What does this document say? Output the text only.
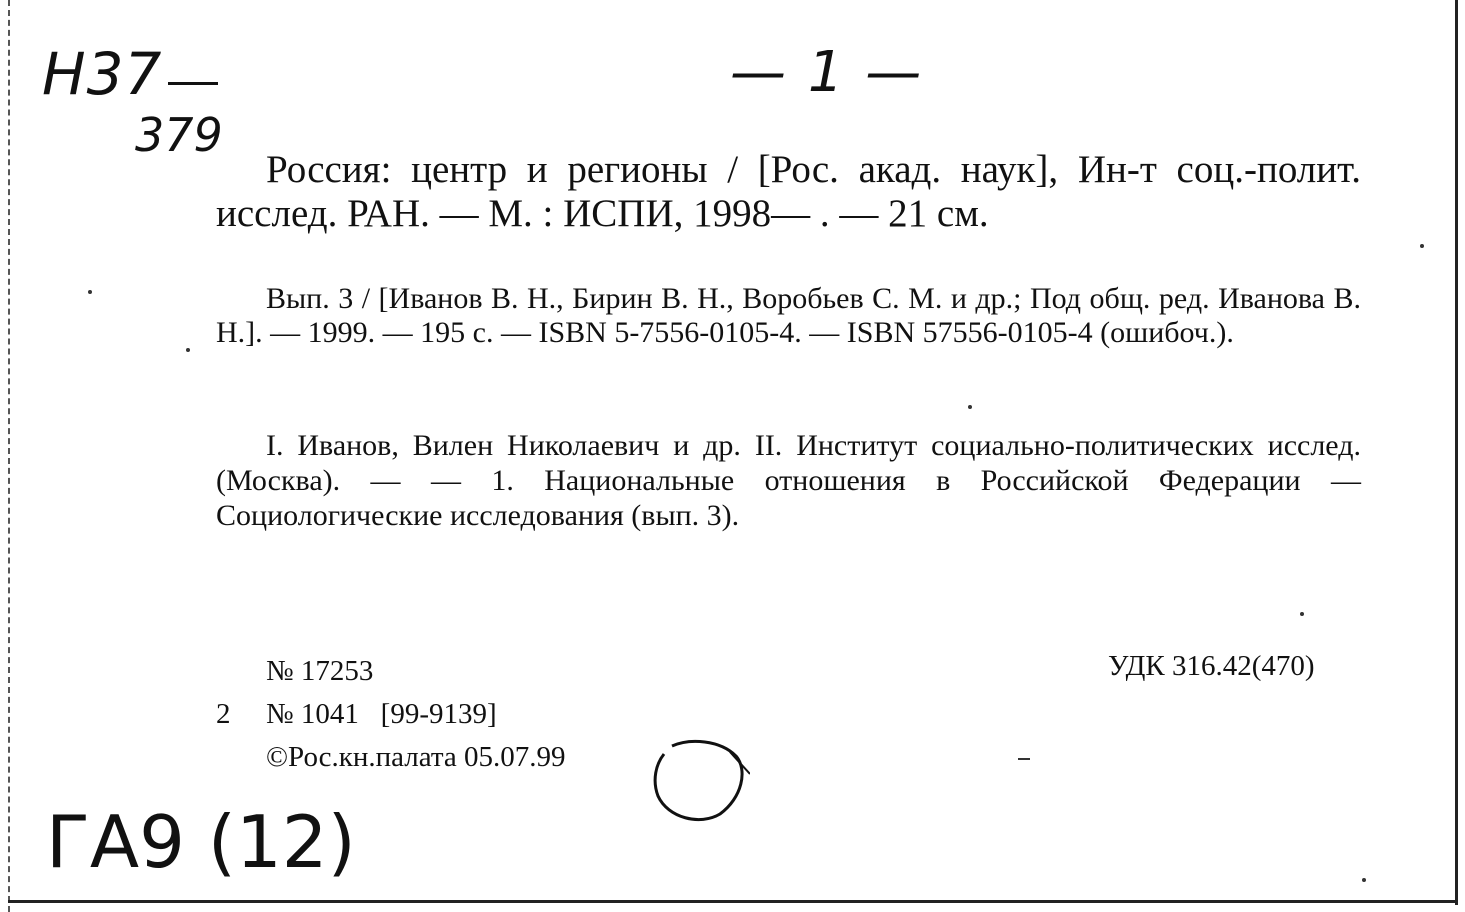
Н37
379
— 1 —
Россия: центр и регионы / [Рос. акад. наук], Ин-т соц.-полит. исслед. РАН. — М. : ИСПИ, 1998— . — 21 см.
Вып. 3 / [Иванов В. Н., Бирин В. Н., Воробьев С. М. и др.; Под общ. ред. Иванова В. Н.]. — 1999. — 195 с. — ISBN 5-7556-0105-4. — ISBN 57556-0105-4 (ошибоч.).
I. Иванов, Вилен Николаевич и др. II. Институт социально-политических исслед. (Москва). — — 1. Национальные отношения в Российской Федерации — Социологические исследования (вып. 3).
№ 17253
2 № 1041 [99-9139]
©Рос.кн.палата 05.07.99
УДК 316.42(470)
ГА9 (12)
